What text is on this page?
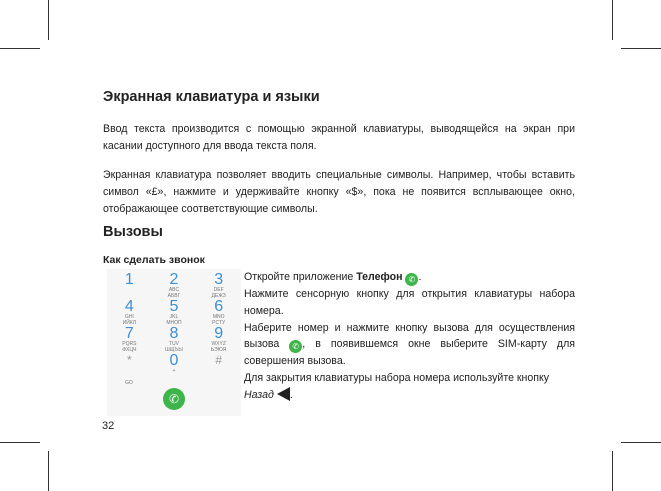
Экранная клавиатура и языки

Ввод текста производится с помощью экранной клавиатуры, выводящейся на экран при касании доступного для ввода текста поля.

Экранная клавиатура позволяет вводить специальные символы. Например, чтобы вставить символ «£», нажмите и удерживайте кнопку «$», пока не появится всплывающее окно, отображающее соответствующие символы.

Вызовы
Как сделать звонок
1	2
ABC
АБВГ
3
DEF
ДЕЖЗ
4
GHI
ИЙКЛ
5
JKL
МНОП
6
MNO
РСТУ
7
PQRS
ФХЦЧ
8
TUV
ШЩЪЫ
9
WXYZ
ЬЭЮЯ
*	0
+
#
GO
✆
Откройте приложение Телефон ✆ .
Нажмите сенсорную кнопку для открытия клавиатуры набора номера.
Наберите номер и нажмите кнопку вызова для осуществления вызова ✆ , в появившемся окне выберите SIM-карту для совершения вызова.
Для закрытия клавиатуры набора номера используйте кнопку Назад .
32
